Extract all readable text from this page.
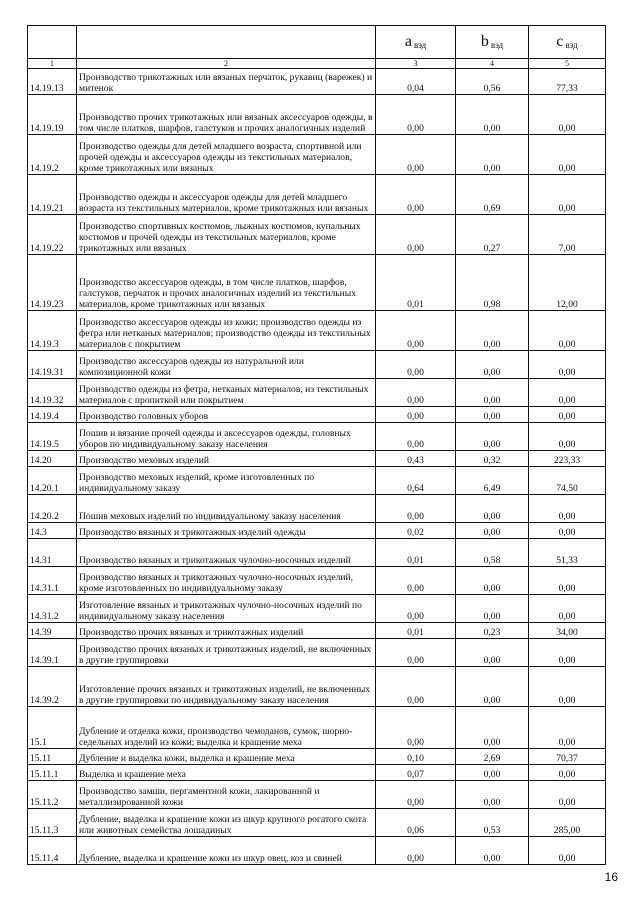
		a $_{вэд}$	b $_{вэд}$	c $_{вэд}$

1	2	3	4	5
14.19.13	Производство трикотажных или вязаных перчаток, рукавиц (варежек) и митенок	0,04	0,56	77,33
14.19.19	Производство прочих трикотажных или вязаных аксессуаров одежды, в том числе платков, шарфов, галстуков и прочих аналогичных изделий	0,00	0,00	0,00
14.19.2	Производство одежды для детей младшего возраста, спортивной или прочей одежды и аксессуаров одежды из текстильных материалов, кроме трикотажных или вязаных	0,00	0,00	0,00
14.19.21	Производство одежды и аксессуаров одежды для детей младшего возраста из текстильных материалов, кроме трикотажных или вязаных	0,00	0,69	0,00
14.19.22	Производство спортивных костюмов, лыжных костюмов, купальных костюмов и прочей одежды из текстильных материалов, кроме трикотажных или вязаных	0,00	0,27	7,00
14.19.23	Производство аксессуаров одежды, в том числе платков, шарфов, галстуков, перчаток и прочих аналогичных изделий из текстильных материалов, кроме трикотажных или вязаных	0,01	0,98	12,00
14.19.3	Производство аксессуаров одежды из кожи; производство одежды из фетра или нетканых материалов; производство одежды из текстильных материалов с покрытием	0,00	0,00	0,00
14.19.31	Производство аксессуаров одежды из натуральной или композиционной кожи	0,00	0,00	0,00
14.19.32	Производство одежды из фетра, нетканых материалов, из текстильных материалов с пропиткой или покрытием	0,00	0,00	0,00
14.19.4	Производство головных уборов	0,00	0,00	0,00
14.19.5	Пошив и вязание прочей одежды и аксессуаров одежды, головных уборов по индивидуальному заказу населения	0,00	0,00	0,00
14.20	Производство меховых изделий	0,43	0,32	223,33
14.20.1	Производство меховых изделий, кроме изготовленных по индивидуальному заказу	0,64	6,49	74,50
14.20.2	Пошив меховых изделий по индивидуальному заказу населения	0,00	0,00	0,00
14.3	Производство вязаных и трикотажных изделий одежды	0,02	0,00	0,00
14.31	Производство вязаных и трикотажных чулочно-носочных изделий	0,01	0,58	51,33
14.31.1	Производство вязаных и трикотажных чулочно-носочных изделий, кроме изготовленных по индивидуальному заказу	0,00	0,00	0,00
14.31.2	Изготовление вязаных и трикотажных чулочно-носочных изделий по индивидуальному заказу населения	0,00	0,00	0,00
14.39	Производство прочих вязаных и трикотажных изделий	0,01	0,23	34,00
14.39.1	Производство прочих вязаных и трикотажных изделий, не включенных в другие группировки	0,00	0,00	0,00
14.39.2	Изготовление прочих вязаных и трикотажных изделий, не включенных в другие группировки по индивидуальному заказу населения	0,00	0,00	0,00
15.1	Дубление и отделка кожи, производство чемоданов, сумок, шорно-седельных изделий из кожи; выделка и крашение меха	0,00	0,00	0,00
15.11	Дубление и выделка кожи, выделка и крашение меха	0,10	2,69	70,37
15.11.1	Выделка и крашение меха	0,07	0,00	0,00
15.11.2	Производство замши, пергаментной кожи, лакированной и металлизированной кожи	0,00	0,00	0,00
15.11.3	Дубление, выделка и крашение кожи из шкур крупного рогатого скота или животных семейства лошадиных	0,06	0,53	285,00
15.11.4	Дубление, выделка и крашение кожи из шкур овец, коз и свиней	0,00	0,00	0,00
16
